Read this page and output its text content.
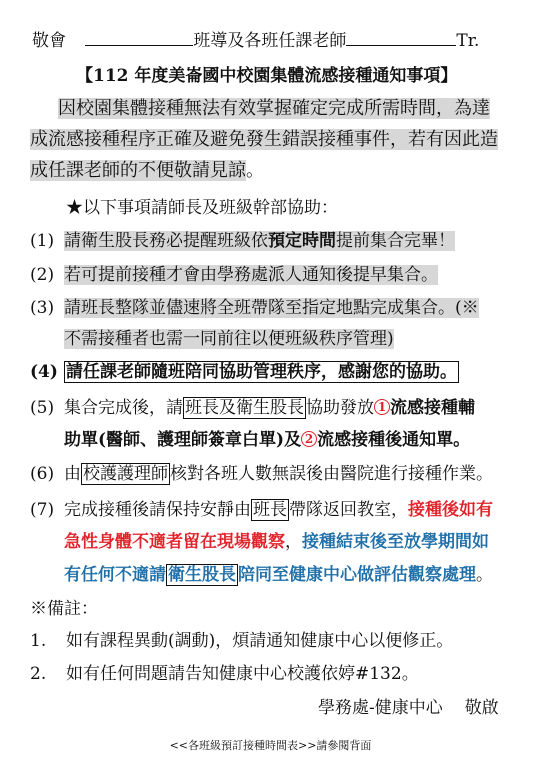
敬會	班導及各班任課老師	Tr.
【112 年度美崙國中校園集體流感接種通知事項】
因校園集體接種無法有效掌握確定完成所需時間，為達
成流感接種程序正確及避免發生錯誤接種事件，若有因此造
成任課老師的不便敬請見諒。
★以下事項請師長及班級幹部協助：
(1) 請衛生股長務必提醒班級依預定時間提前集合完畢！
(2) 若可提前接種才會由學務處派人通知後提早集合。
(3) 請班長整隊並儘速將全班帶隊至指定地點完成集合。(※
不需接種者也需一同前往以便班級秩序管理)
(4) 請任課老師隨班陪同協助管理秩序，感謝您的協助。
(5) 集合完成後，請 班長及衛生股長 協助發放 1 流感接種輔
助單(醫師、護理師簽章白單)及 2 流感接種後通知單。
(6) 由 校護護理師 核對各班人數無誤後由醫院進行接種作業。
(7) 完成接種後請保持安靜由 班長 帶隊返回教室，接種後如有
急性身體不適者留在現場觀察，接種結束後至放學期間如
有任何不適請 衛生股長 陪同至健康中心做評估觀察處理。
※備註：
1. 如有課程異動(調動)，煩請通知健康中心以便修正。
2. 如有任何問題請告知健康中心校護依婷#132。
學務處-健康中心 敬啟
<<各班級預訂接種時間表>>請參閱背面
